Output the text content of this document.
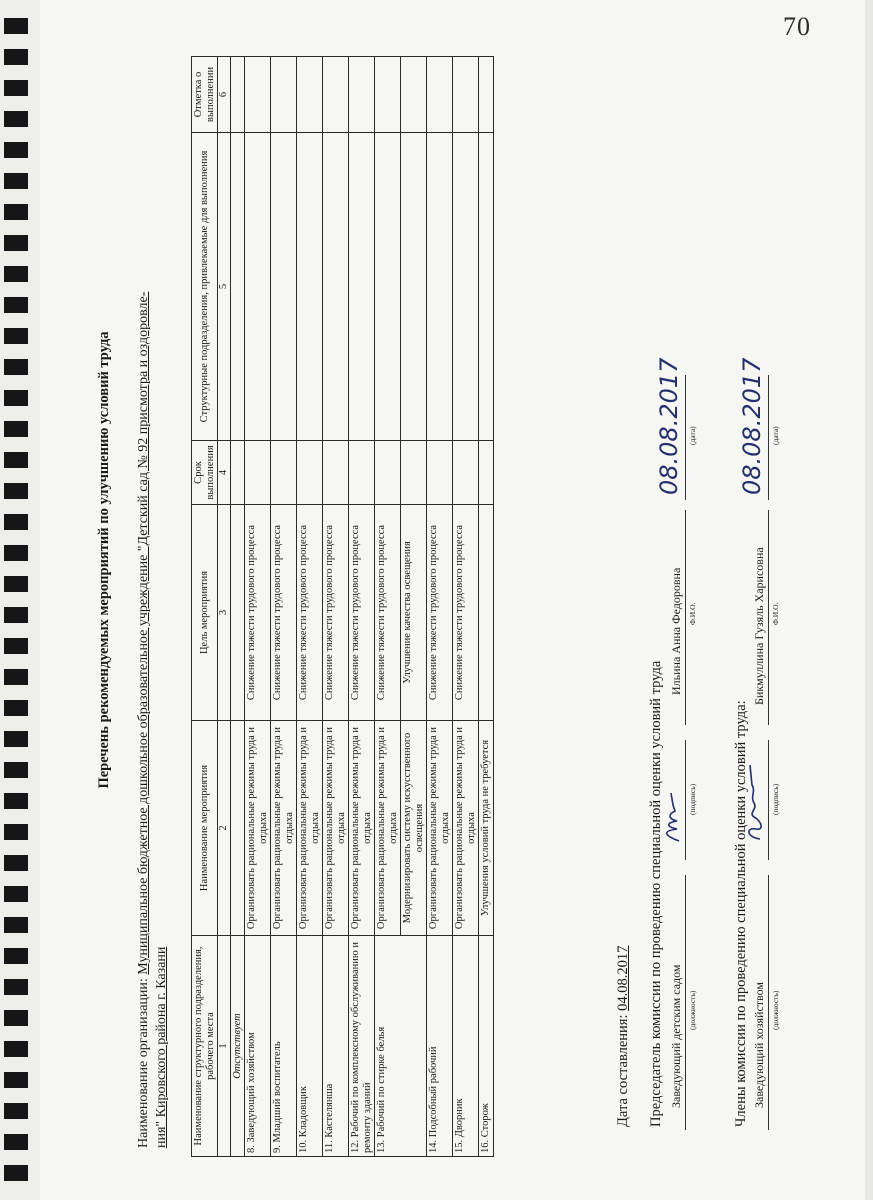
70
Перечень рекомендуемых мероприятий по улучшению условий труда
Наименование организации: Муниципальное бюджетное дошкольное образовательное учреждение "Детский сад № 92 присмотра и оздоровле-
ния" Кировского района г. Казани Наименование структурного подразделения, рабочего места	Наименование мероприятия	Цель мероприятия	Срок выполнения	Структурные подразделения, привлекаемые для выполнения	Отметка о выполнении
1	2	3	4	5	6
Отсутствует					
8. Заведующий хозяйством	Организовать рациональные режимы труда и отдыха	Снижение тяжести трудового процесса			
9. Младший воспитатель	Организовать рациональные режимы труда и отдыха	Снижение тяжести трудового процесса			
10. Кладовщик	Организовать рациональные режимы труда и отдыха	Снижение тяжести трудового процесса			
11. Кастелянша	Организовать рациональные режимы труда и отдыха	Снижение тяжести трудового процесса			
12. Рабочий по комплексному обслуживанию и ремонту зданий	Организовать рациональные режимы труда и отдыха	Снижение тяжести трудового процесса			
13. Рабочий по стирке белья	Организовать рациональные режимы труда и отдыха	Снижение тяжести трудового процесса			
	Модернизировать систему искусственного освещения	Улучшение качества освещения			
14. Подсобный рабочий	Организовать рациональные режимы труда и отдыха	Снижение тяжести трудового процесса			
15. Дворник	Организовать рациональные режимы труда и отдыха	Снижение тяжести трудового процесса			
16. Сторож	Улучшения условий труда не требуется				
Дата составления: 04.08.2017 Председатель комиссии по проведению специальной оценки условий труда Заведующий детским садом (должность)
(подпись)
Ильина Анна Федоровна Ф.И.О.
08.08.2017 (дата)
Члены комиссии по проведению специальной оценки условий труда: Заведующий хозяйством (должность)
(подпись)
Бикмуллина Гузяль Харисовна Ф.И.О.
08.08.2017 (дата)
